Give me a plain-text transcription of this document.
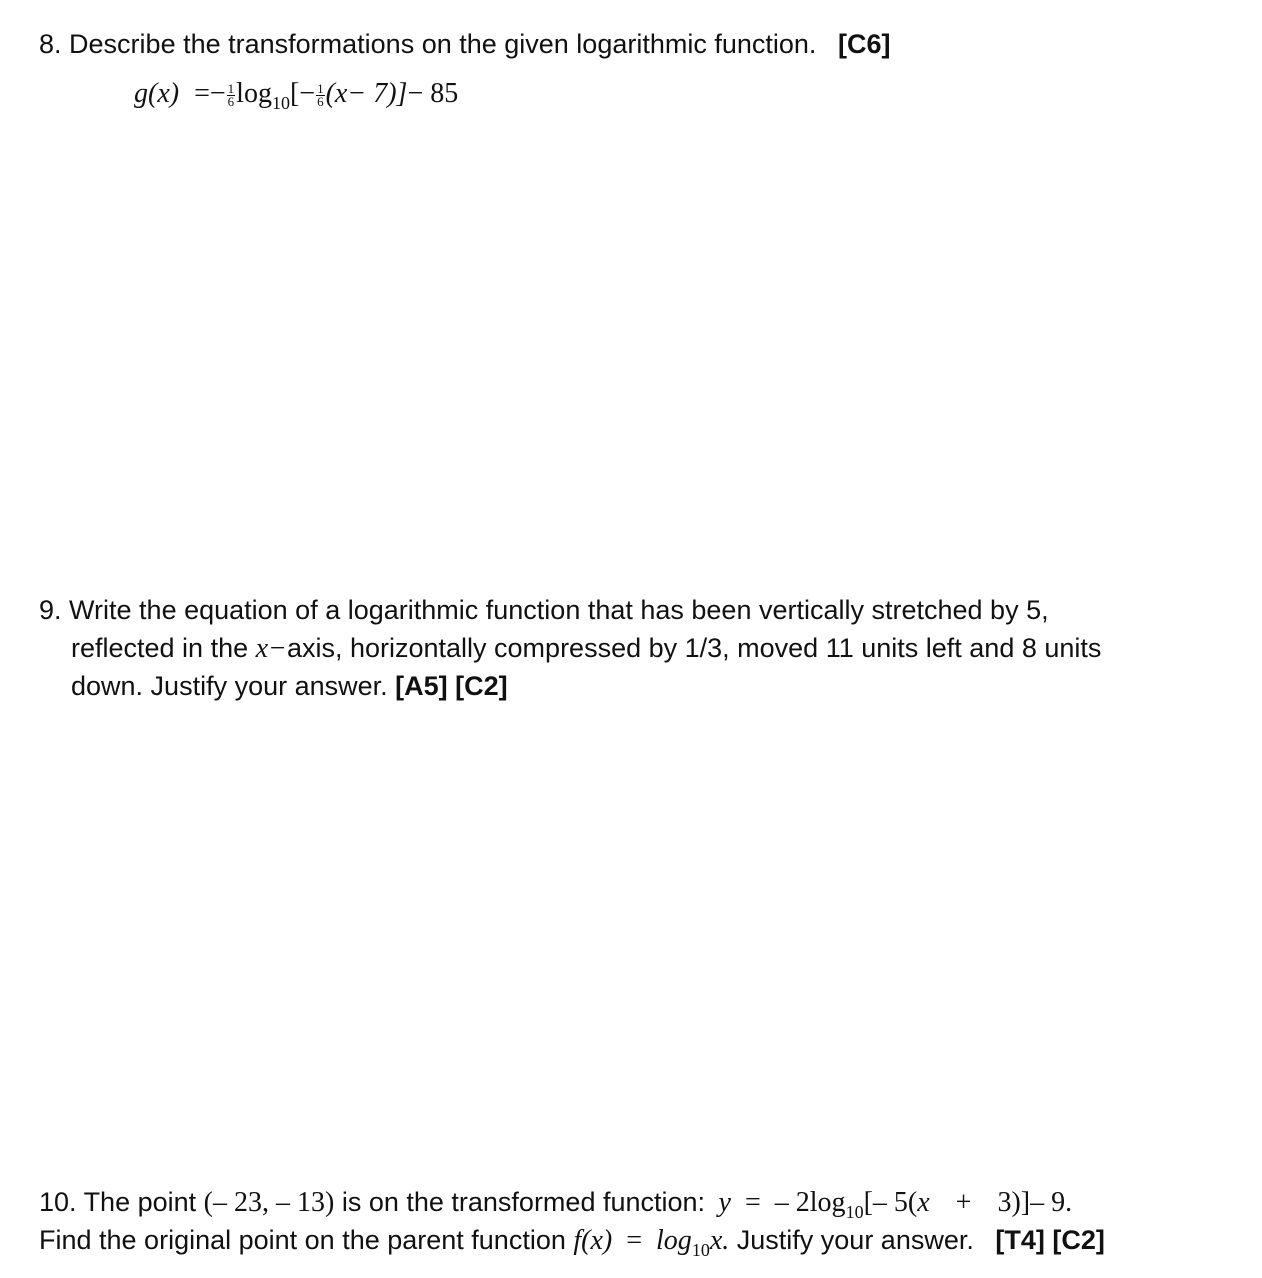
8. Describe the transformations on the given logarithmic function. [C6]
$g(x) =- \frac{1}{6} \log_{10}[- \frac{1}{6} (x- 7)]- 85$
9. Write the equation of a logarithmic function that has been vertically stretched by 5,
reflected in the x−axis, horizontally compressed by 1/3, moved 11 units left and 8 units
down. Justify your answer. [A5] [C2]
10. The point (– 23, – 13) is on the transformed function: y = – $2\log_{10}[-$ 5(x + 3)]– 9.
Find the original point on the parent function $f(x) = \log_{10}x$. Justify your answer. [T4] [C2]
